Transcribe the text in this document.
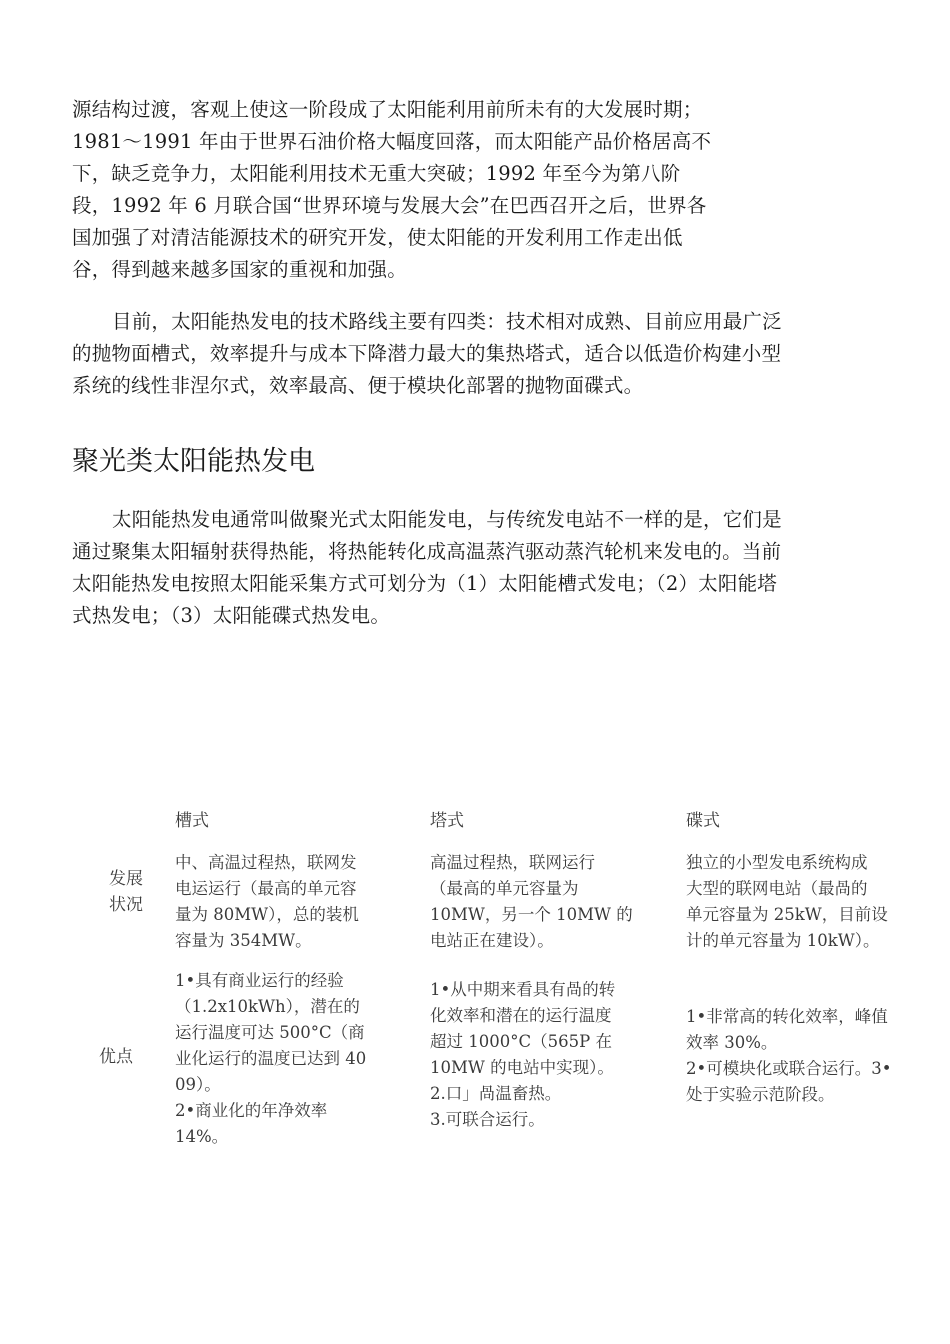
源结构过渡，客观上使这一阶段成了太阳能利用前所未有的大发展时期；
1981〜1991 年由于世界石油价格大幅度回落，而太阳能产品价格居高不
下，缺乏竞争力，太阳能利用技术无重大突破；1992 年至今为第八阶
段，1992 年 6 月联合国“世界环境与发展大会”在巴西召开之后，世界各
国加强了对清洁能源技术的研究开发，使太阳能的开发利用工作走出低
谷，得到越来越多国家的重视和加强。
目前，太阳能热发电的技术路线主要有四类：技术相对成熟、目前应用最广泛
的抛物面槽式，效率提升与成本下降潜力最大的集热塔式，适合以低造价构建小型
系统的线性非涅尔式，效率最高、便于模块化部署的抛物面碟式。
聚光类太阳能热发电
太阳能热发电通常叫做聚光式太阳能发电，与传统发电站不一样的是，它们是
通过聚集太阳辐射获得热能，将热能转化成高温蒸汽驱动蒸汽轮机来发电的。当前
太阳能热发电按照太阳能采集方式可划分为（1）太阳能槽式发电；（2）太阳能塔
式热发电；（3）太阳能碟式热发电。
槽式	塔式	碟式
发展
状况
中、高温过程热，联网发
电运运行（最高的单元容
量为 80MW），总的装机
容量为 354MW。
高温过程热，联网运行
（最高的单元容量为
10MW，另一个 10MW 的
电站正在建设）。
独立的小型发电系统构成
大型的联网电站（最咼的
单元容量为 25kW，目前设
计的单元容量为 10kW）。
优点
1•具有商业运行的经验
（1.2x10kWh），潜在的
运行温度可达 500°C（商
业化运行的温度已达到 40
09）。
2•商业化的年净效率
14%。
1•从中期来看具有咼的转
化效率和潜在的运行温度
超过 1000°C（565P 在
10MW 的电站中实现）。
2.口」咼温畜热。
3.可联合运行。
1•非常高的转化效率，峰值
效率 30%。
2•可模块化或联合运行。3•
处于实验示范阶段。
